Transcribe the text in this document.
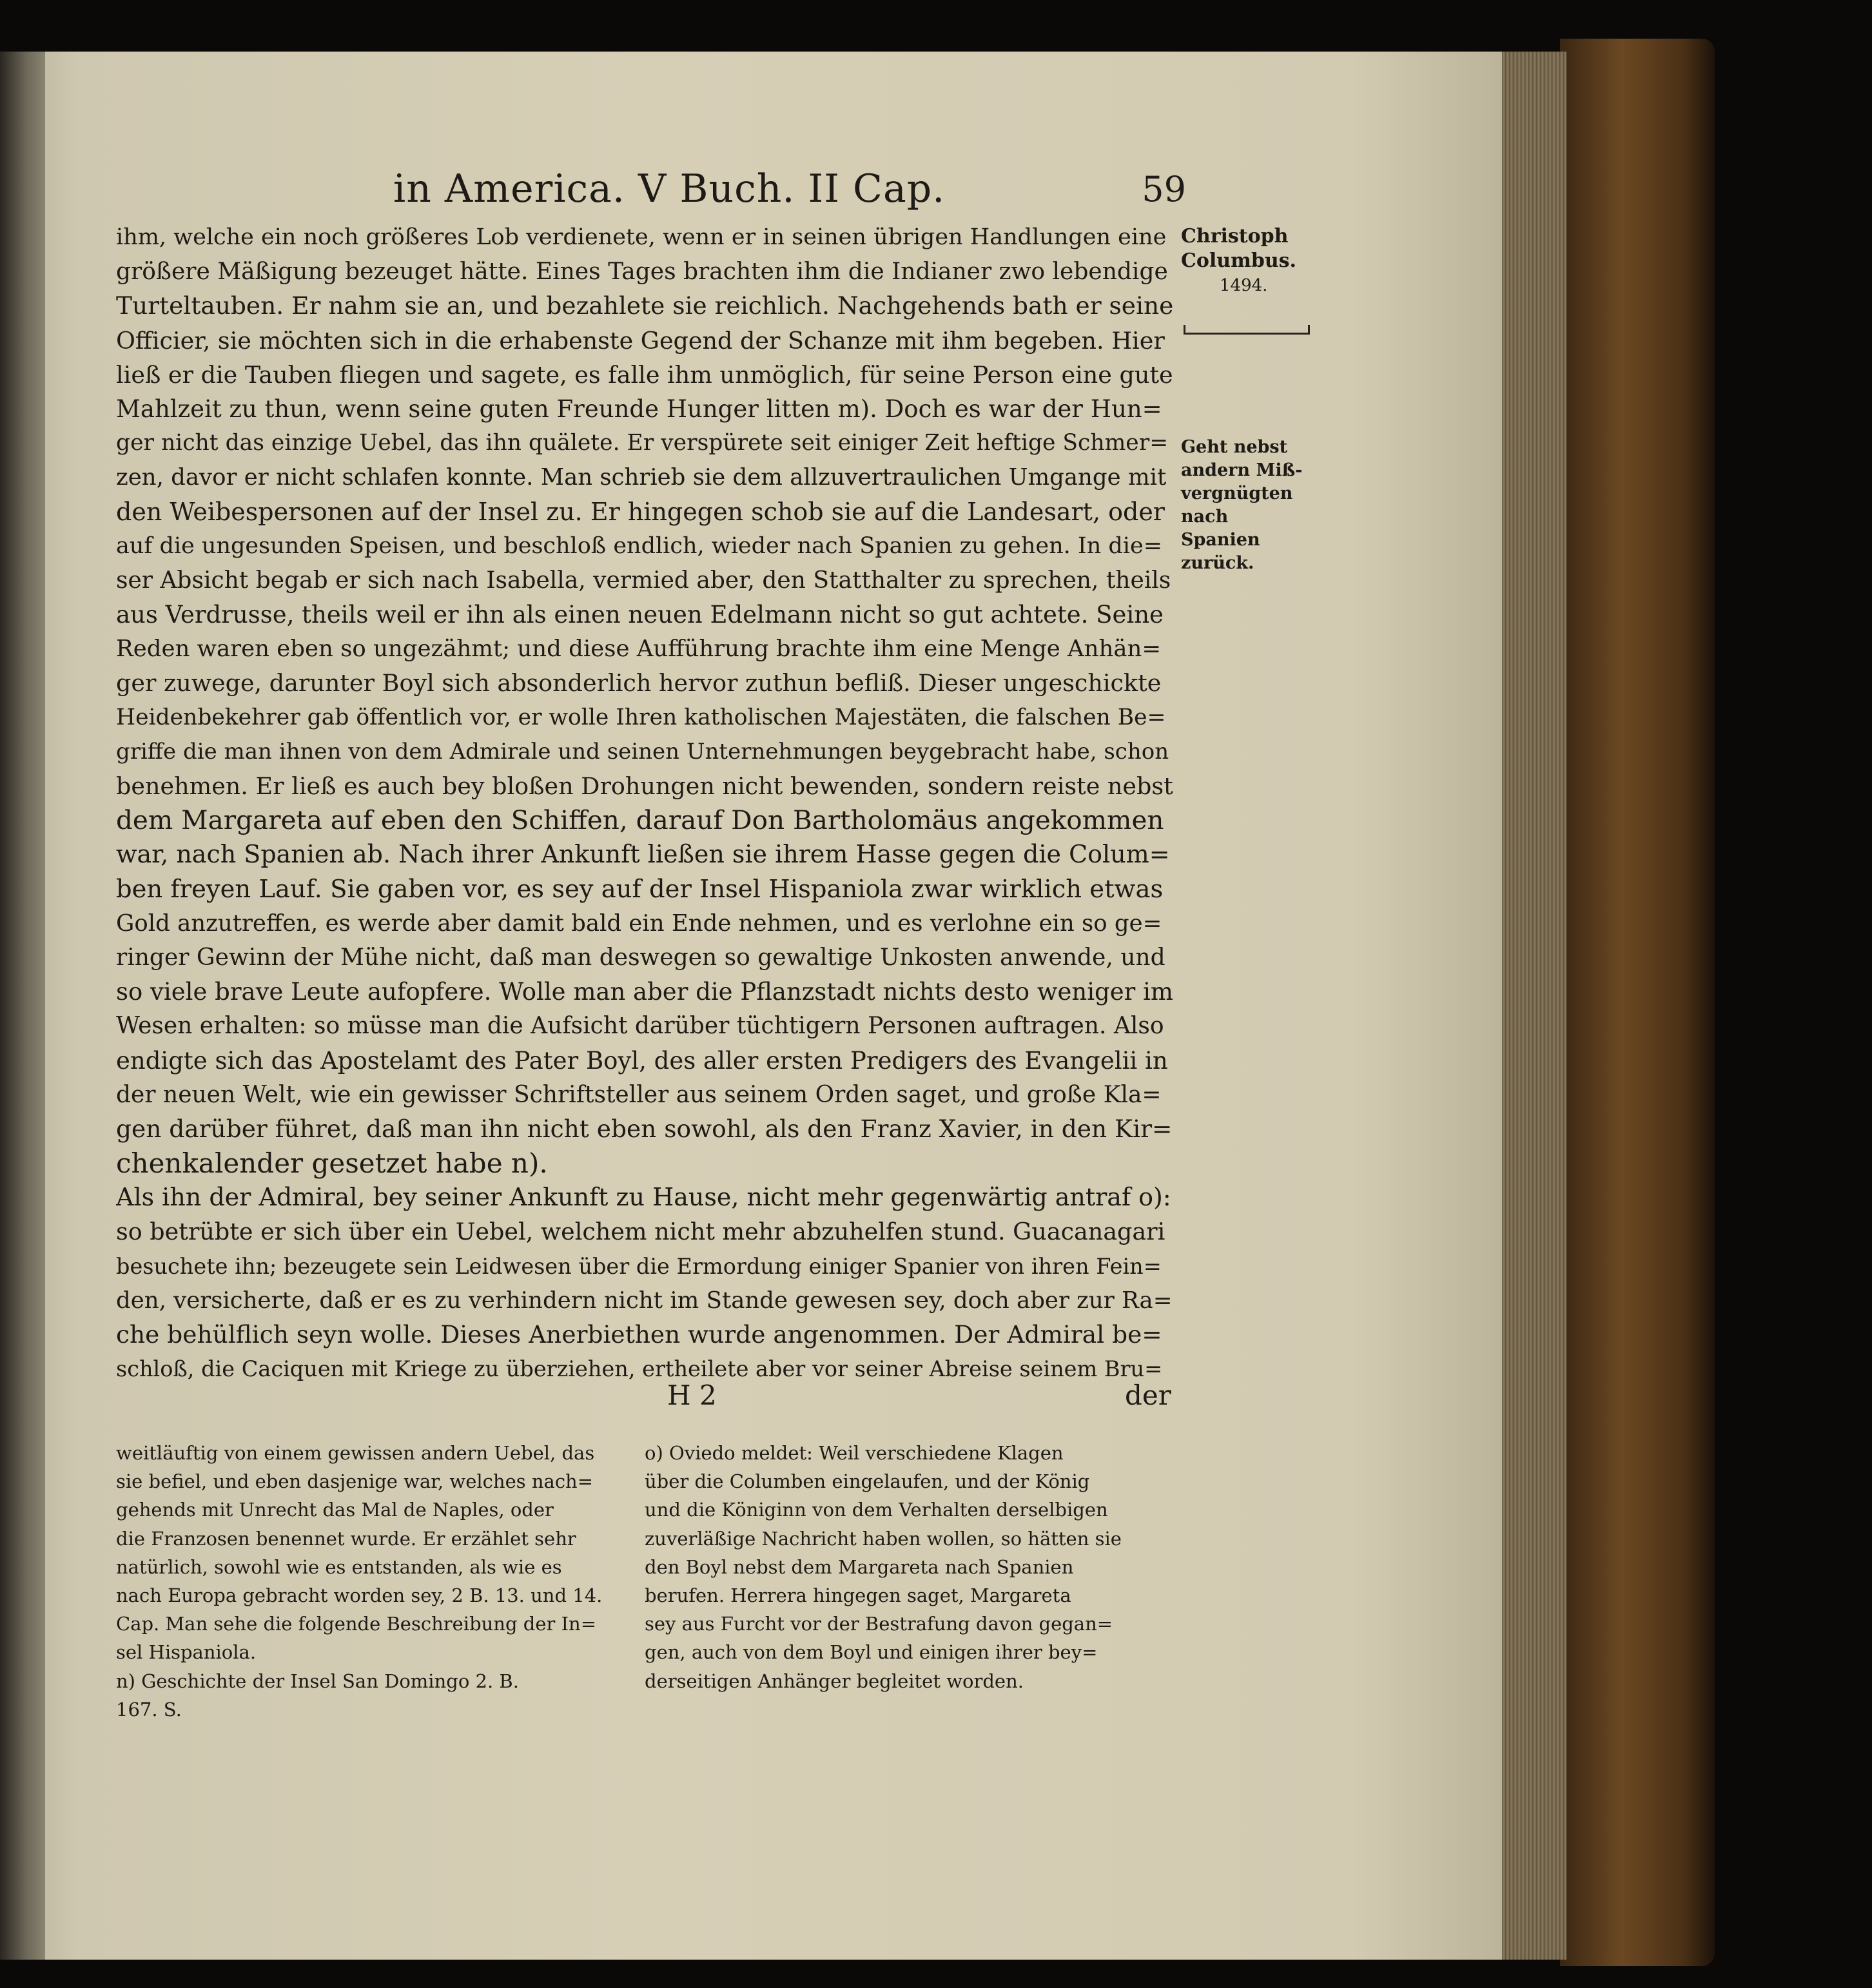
in America. V Buch. II Cap.	59
Christoph
Columbus.
1494.
Geht nebst
andern Miß-
vergnügten
nach Spanien
zurück.
ihm, welche ein noch größeres Lob verdienete, wenn er in seinen übrigen Handlungen eine
größere Mäßigung bezeuget hätte. Eines Tages brachten ihm die Indianer zwo lebendige
Turteltauben. Er nahm sie an, und bezahlete sie reichlich. Nachgehends bath er seine
Officier, sie möchten sich in die erhabenste Gegend der Schanze mit ihm begeben. Hier
ließ er die Tauben fliegen und sagete, es falle ihm unmöglich, für seine Person eine gute
Mahlzeit zu thun, wenn seine guten Freunde Hunger litten m). Doch es war der Hun=
ger nicht das einzige Uebel, das ihn quälete. Er verspürete seit einiger Zeit heftige Schmer=
zen, davor er nicht schlafen konnte. Man schrieb sie dem allzuvertraulichen Umgange mit
den Weibespersonen auf der Insel zu. Er hingegen schob sie auf die Landesart, oder
auf die ungesunden Speisen, und beschloß endlich, wieder nach Spanien zu gehen. In die=
ser Absicht begab er sich nach Isabella, vermied aber, den Statthalter zu sprechen, theils
aus Verdrusse, theils weil er ihn als einen neuen Edelmann nicht so gut achtete. Seine
Reden waren eben so ungezähmt; und diese Aufführung brachte ihm eine Menge Anhän=
ger zuwege, darunter Boyl sich absonderlich hervor zuthun befliß. Dieser ungeschickte
Heidenbekehrer gab öffentlich vor, er wolle Ihren katholischen Majestäten, die falschen Be=
griffe die man ihnen von dem Admirale und seinen Unternehmungen beygebracht habe, schon
benehmen. Er ließ es auch bey bloßen Drohungen nicht bewenden, sondern reiste nebst
dem Margareta auf eben den Schiffen, darauf Don Bartholomäus angekommen
war, nach Spanien ab. Nach ihrer Ankunft ließen sie ihrem Hasse gegen die Colum=
ben freyen Lauf. Sie gaben vor, es sey auf der Insel Hispaniola zwar wirklich etwas
Gold anzutreffen, es werde aber damit bald ein Ende nehmen, und es verlohne ein so ge=
ringer Gewinn der Mühe nicht, daß man deswegen so gewaltige Unkosten anwende, und
so viele brave Leute aufopfere. Wolle man aber die Pflanzstadt nichts desto weniger im
Wesen erhalten: so müsse man die Aufsicht darüber tüchtigern Personen auftragen. Also
endigte sich das Apostelamt des Pater Boyl, des aller ersten Predigers des Evangelii in
der neuen Welt, wie ein gewisser Schriftsteller aus seinem Orden saget, und große Kla=
gen darüber führet, daß man ihn nicht eben sowohl, als den Franz Xavier, in den Kir=
chenkalender gesetzet habe n).
Als ihn der Admiral, bey seiner Ankunft zu Hause, nicht mehr gegenwärtig antraf o):
so betrübte er sich über ein Uebel, welchem nicht mehr abzuhelfen stund. Guacanagari
besuchete ihn; bezeugete sein Leidwesen über die Ermordung einiger Spanier von ihren Fein=
den, versicherte, daß er es zu verhindern nicht im Stande gewesen sey, doch aber zur Ra=
che behülflich seyn wolle. Dieses Anerbiethen wurde angenommen. Der Admiral be=
schloß, die Caciquen mit Kriege zu überziehen, ertheilete aber vor seiner Abreise seinem Bru=
H 2	der
weitläuftig von einem gewissen andern Uebel, das
sie befiel, und eben dasjenige war, welches nach=
gehends mit Unrecht das Mal de Naples, oder
die Franzosen benennet wurde. Er erzählet sehr
natürlich, sowohl wie es entstanden, als wie es
nach Europa gebracht worden sey, 2 B. 13. und 14.
Cap. Man sehe die folgende Beschreibung der In=
sel Hispaniola.
n) Geschichte der Insel San Domingo 2. B.
167. S.
o) Oviedo meldet: Weil verschiedene Klagen
über die Columben eingelaufen, und der König
und die Königinn von dem Verhalten derselbigen
zuverläßige Nachricht haben wollen, so hätten sie
den Boyl nebst dem Margareta nach Spanien
berufen. Herrera hingegen saget, Margareta
sey aus Furcht vor der Bestrafung davon gegan=
gen, auch von dem Boyl und einigen ihrer bey=
derseitigen Anhänger begleitet worden.
